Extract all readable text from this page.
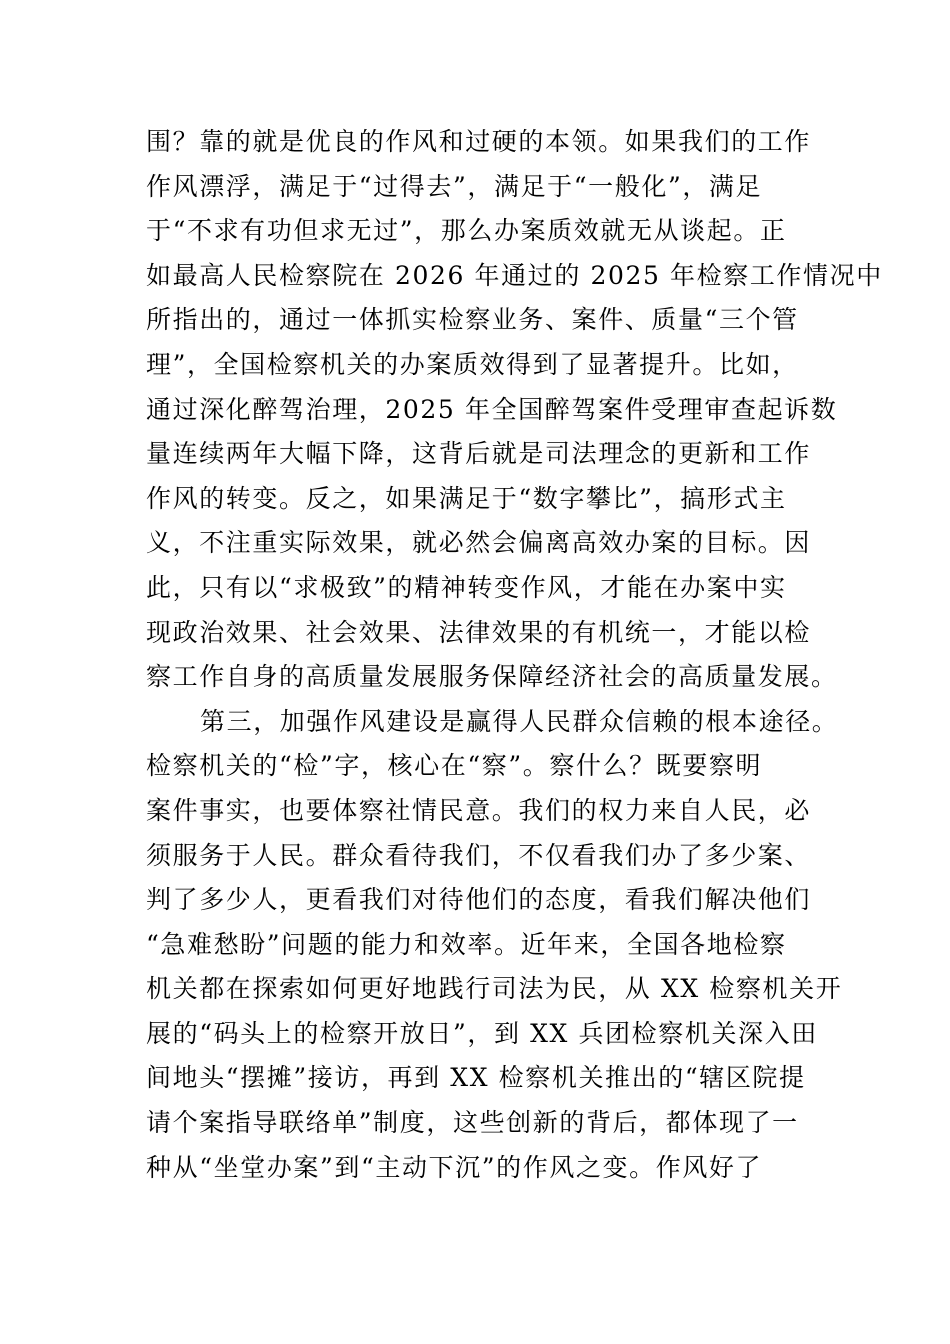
围？靠的就是优良的作风和过硬的本领。如果我们的工作
作风漂浮，满足于“过得去”，满足于“一般化”，满足
于“不求有功但求无过”，那么办案质效就无从谈起。正
如最高人民检察院在 2026 年通过的 2025 年检察工作情况中
所指出的，通过一体抓实检察业务、案件、质量“三个管
理”，全国检察机关的办案质效得到了显著提升。比如，
通过深化醉驾治理，2025 年全国醉驾案件受理审查起诉数
量连续两年大幅下降，这背后就是司法理念的更新和工作
作风的转变。反之，如果满足于“数字攀比”，搞形式主
义，不注重实际效果，就必然会偏离高效办案的目标。因
此，只有以“求极致”的精神转变作风，才能在办案中实
现政治效果、社会效果、法律效果的有机统一，才能以检
察工作自身的高质量发展服务保障经济社会的高质量发展。
第三，加强作风建设是赢得人民群众信赖的根本途径。
检察机关的“检”字，核心在“察”。察什么？既要察明
案件事实，也要体察社情民意。我们的权力来自人民，必
须服务于人民。群众看待我们，不仅看我们办了多少案、
判了多少人，更看我们对待他们的态度，看我们解决他们
“急难愁盼”问题的能力和效率。近年来，全国各地检察
机关都在探索如何更好地践行司法为民，从 XX 检察机关开
展的“码头上的检察开放日”，到 XX 兵团检察机关深入田
间地头“摆摊”接访，再到 XX 检察机关推出的“辖区院提
请个案指导联络单”制度，这些创新的背后，都体现了一
种从“坐堂办案”到“主动下沉”的作风之变。作风好了
